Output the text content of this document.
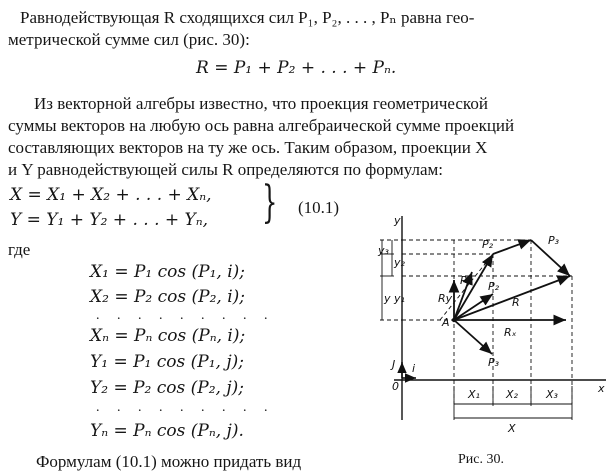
Равнодействующая R сходящихся сил P₁, P₂, . . . , Pₙ равна гео-
метрической сумме сил (рис. 30):
R = P₁ + P₂ + . . . + Pₙ.
Из векторной алгебры известно, что проекция геометрической
суммы векторов на любую ось равна алгебраической сумме проекций
составляющих векторов на ту же ось. Таким образом, проекции X
и Y равнодействующей силы R определяются по формулам:
X = X₁ + X₂ + . . . + Xₙ,
Y = Y₁ + Y₂ + . . . + Yₙ, } (10.1)
где
X₁ = P₁ cos (P₁, i);
X₂ = P₂ cos (P₂, i);
. . . . . . . . .
Xₙ = Pₙ cos (Pₙ, i);
Y₁ = P₁ cos (P₁, j);
Y₂ = P₂ cos (P₂, j);
. . . . . . . . .
Yₙ = Pₙ cos (Pₙ, j).
Формулам (10.1) можно придать вид
y
x
0
J i
A
P₁ P₂
P₃
P₂	P₃
R
Rₓ
Ry
y₃
y₂
y₁
y
X₁ X₂	X₃
X
Рис. 30.
